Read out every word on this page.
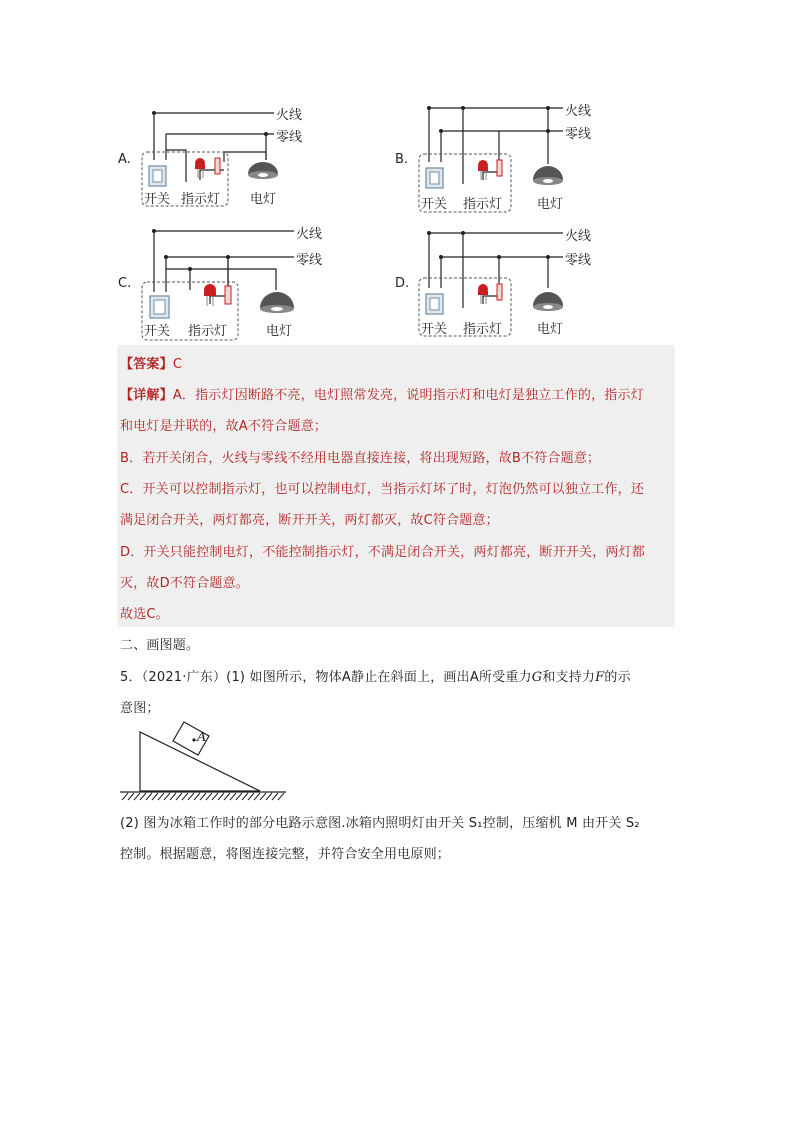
A.
火线
零线
开关 指示灯 电灯
B.
火线
零线
开关 指示灯	电灯
C.
火线
零线
开关 指示灯	电灯
D.
火线
零线
开关 指示灯	电灯
【答案】C
【详解】A．指示灯因断路不亮，电灯照常发亮，说明指示灯和电灯是独立工作的，指示灯
和电灯是并联的，故A不符合题意；
B．若开关闭合，火线与零线不经用电器直接连接，将出现短路，故B不符合题意；
C．开关可以控制指示灯，也可以控制电灯，当指示灯坏了时，灯泡仍然可以独立工作，还
满足闭合开关，两灯都亮，断开开关，两灯都灭，故C符合题意；
D．开关只能控制电灯，不能控制指示灯，不满足闭合开关，两灯都亮，断开开关，两灯都
灭，故D不符合题意。
故选C。
二、画图题。
5．（2021·广东）(1) 如图所示，物体A静止在斜面上，画出A所受重力G和支持力F的示
意图；
A
(2) 图为冰箱工作时的部分电路示意图.冰箱内照明灯由开关 S₁控制，压缩机 M 由开关 S₂
控制。根据题意，将图连接完整，并符合安全用电原则；
